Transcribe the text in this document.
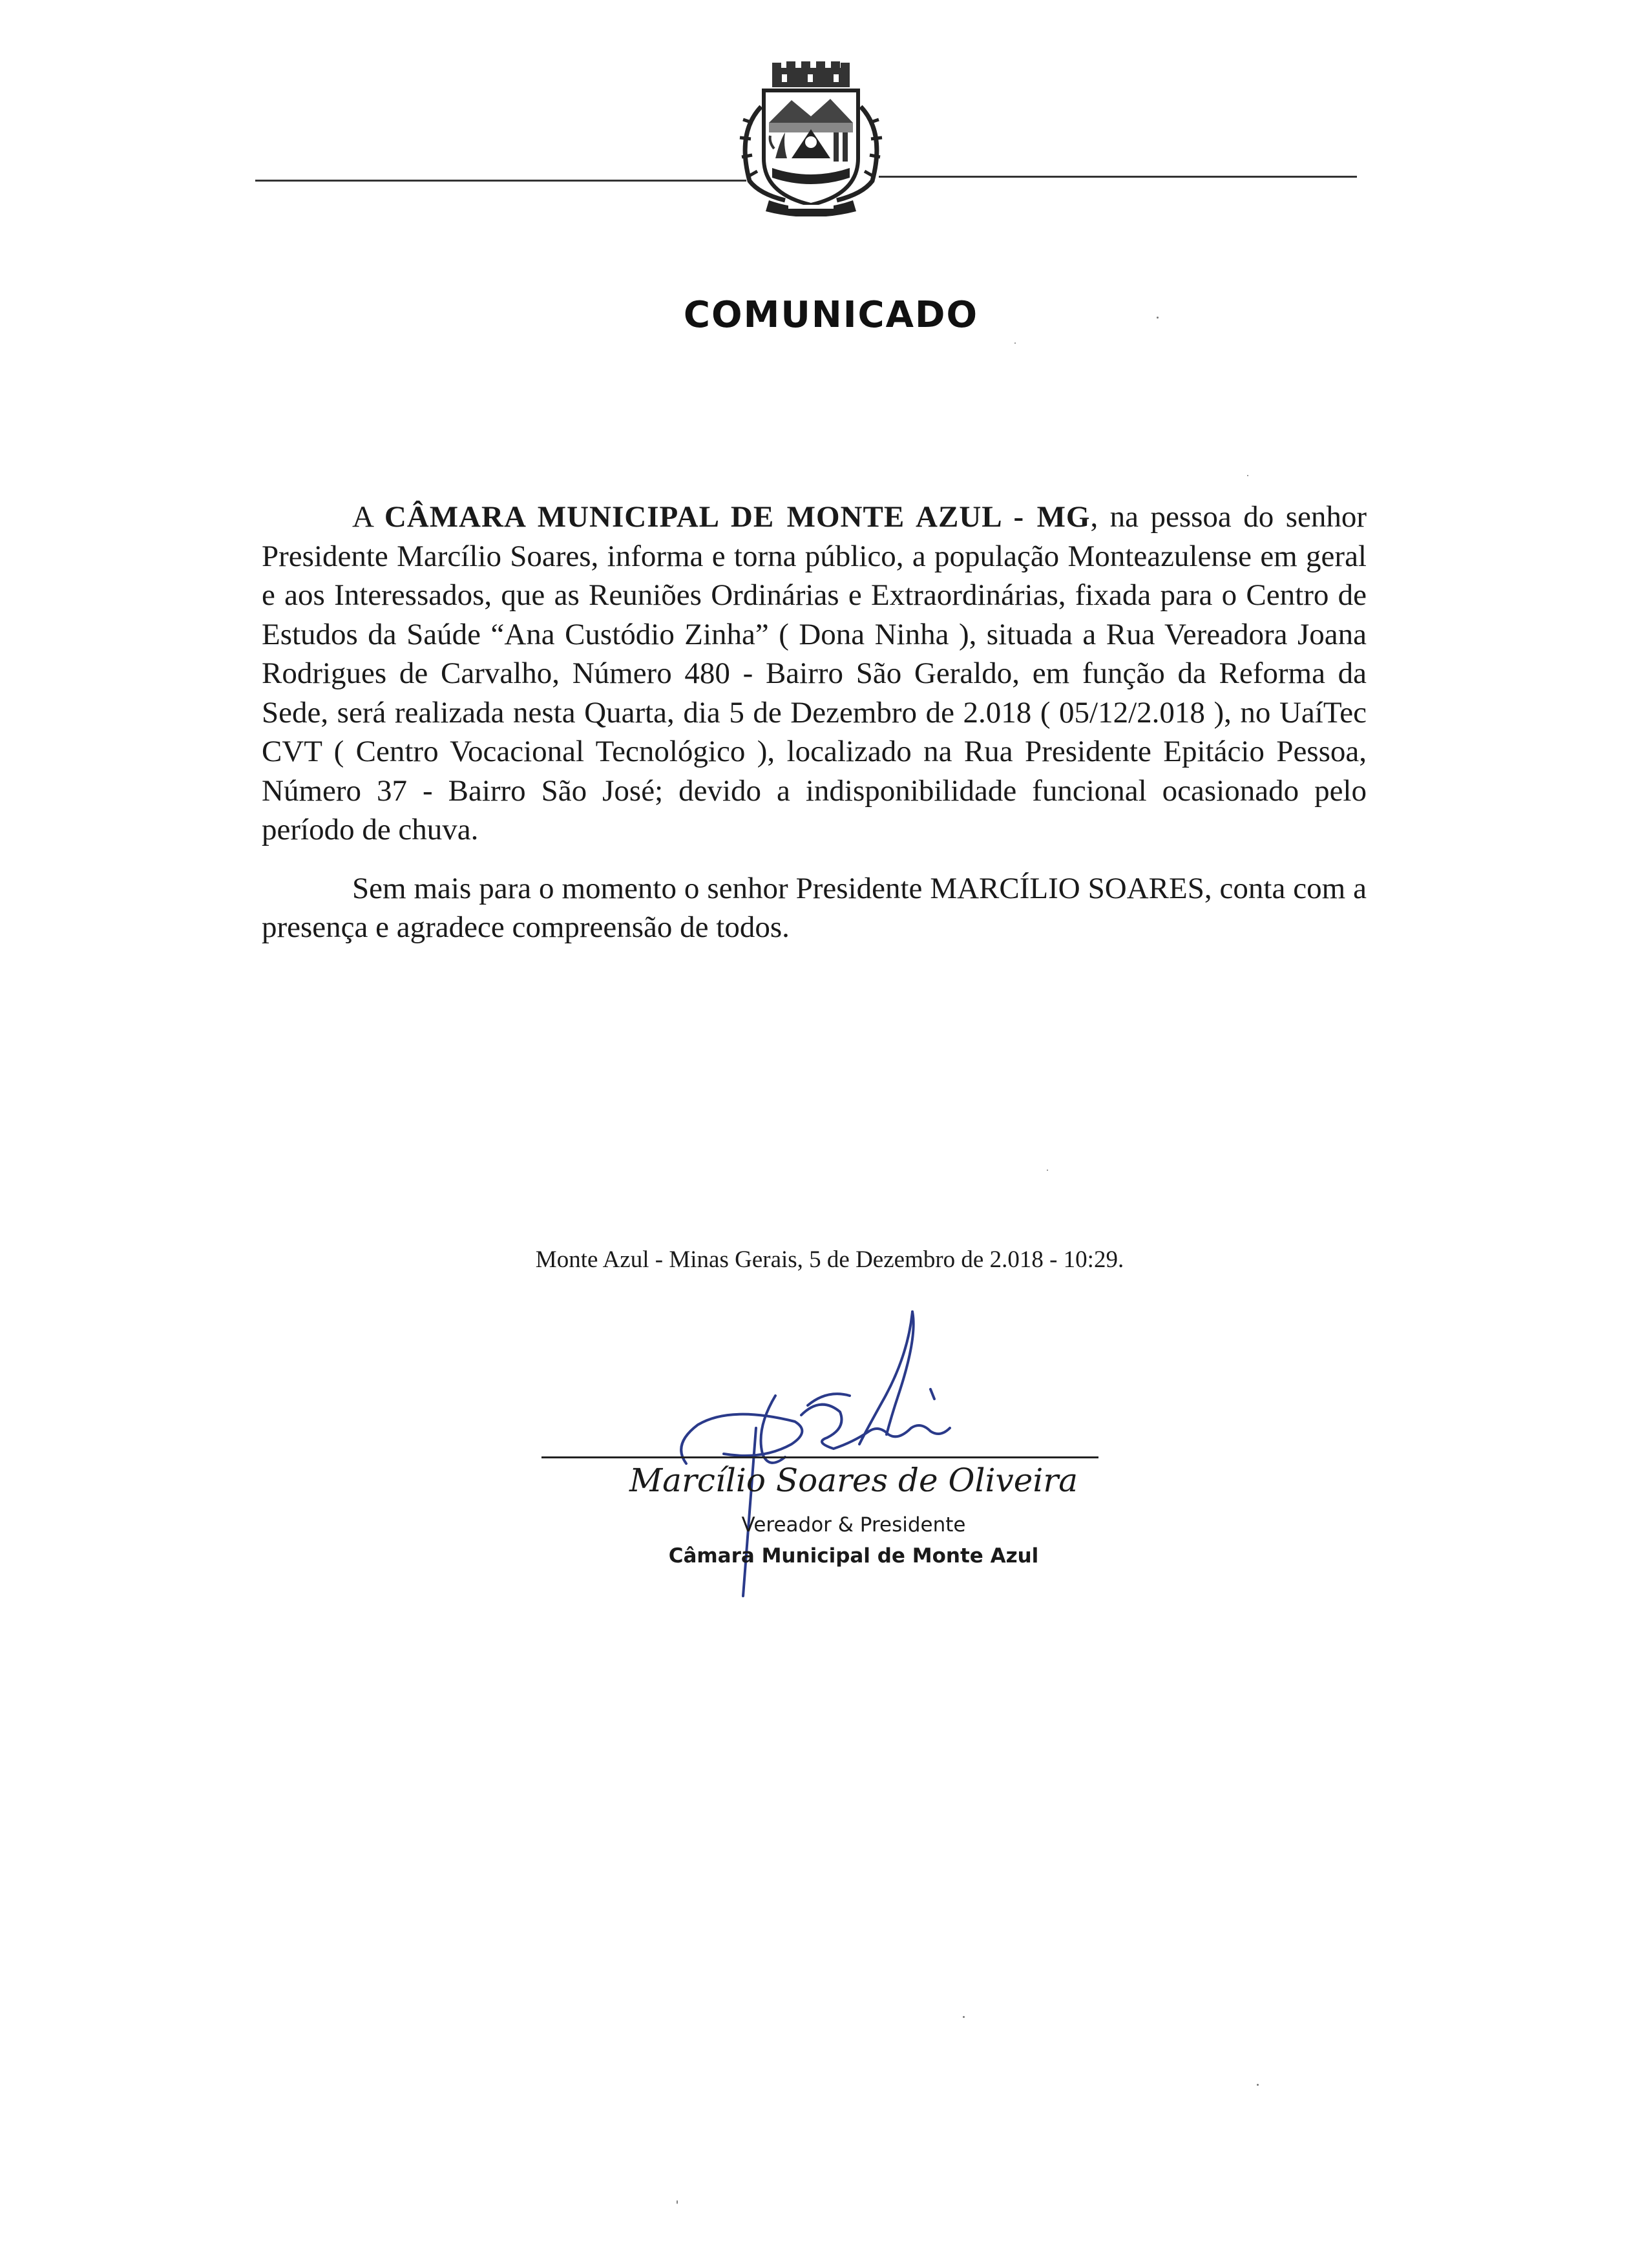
COMUNICADO

A CÂMARA MUNICIPAL DE MONTE AZUL - MG, na pessoa do senhor Presidente Marcílio Soares, informa e torna público, a população Monteazulense em geral e aos Interessados, que as Reuniões Ordinárias e Extraordinárias, fixada para o Centro de Estudos da Saúde “Ana Custódio Zinha” ( Dona Ninha ), situada a Rua Vereadora Joana Rodrigues de Carvalho, Número 480 - Bairro São Geraldo, em função da Reforma da Sede, será realizada nesta Quarta, dia 5 de Dezembro de 2.018 ( 05/12/2.018 ), no UaíTec CVT ( Centro Vocacional Tecnológico ), localizado na Rua Presidente Epitácio Pessoa, Número 37 - Bairro São José; devido a indisponibilidade funcional ocasionado pelo período de chuva.

Sem mais para o momento o senhor Presidente MARCÍLIO SOARES, conta com a presença e agradece compreensão de todos.

Monte Azul - Minas Gerais, 5 de Dezembro de 2.018 - 10:29.

Marcílio Soares de Oliveira

Vereador & Presidente

Câmara Municipal de Monte Azul
